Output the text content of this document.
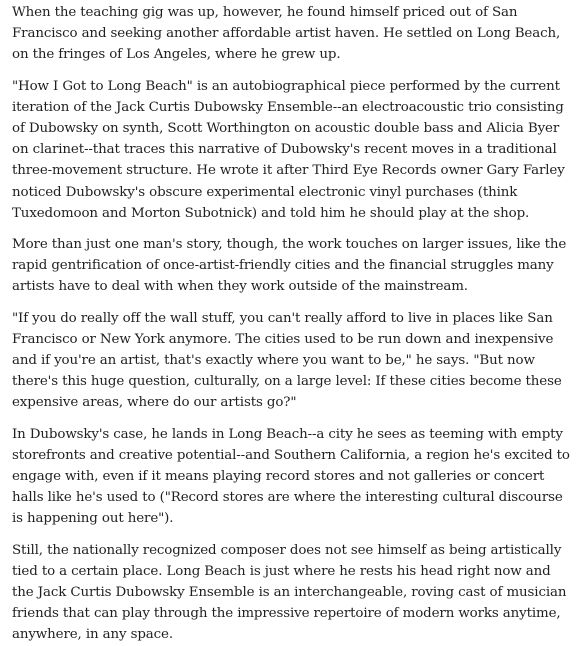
When the teaching gig was up, however, he found himself priced out of San Francisco and seeking another affordable artist haven. He settled on Long Beach, on the fringes of Los Angeles, where he grew up.

"How I Got to Long Beach" is an autobiographical piece performed by the current iteration of the Jack Curtis Dubowsky Ensemble--an electroacoustic trio consisting of Dubowsky on synth, Scott Worthington on acoustic double bass and Alicia Byer on clarinet--that traces this narrative of Dubowsky's recent moves in a traditional three-movement structure. He wrote it after Third Eye Records owner Gary Farley noticed Dubowsky's obscure experimental electronic vinyl purchases (think Tuxedomoon and Morton Subotnick) and told him he should play at the shop.

More than just one man's story, though, the work touches on larger issues, like the rapid gentrification of once-artist-friendly cities and the financial struggles many artists have to deal with when they work outside of the mainstream.

"If you do really off the wall stuff, you can't really afford to live in places like San Francisco or New York anymore. The cities used to be run down and inexpensive and if you're an artist, that's exactly where you want to be," he says. "But now there's this huge question, culturally, on a large level: If these cities become these expensive areas, where do our artists go?"

In Dubowsky's case, he lands in Long Beach--a city he sees as teeming with empty storefronts and creative potential--and Southern California, a region he's excited to engage with, even if it means playing record stores and not galleries or concert halls like he's used to ("Record stores are where the interesting cultural discourse is happening out here").

Still, the nationally recognized composer does not see himself as being artistically tied to a certain place. Long Beach is just where he rests his head right now and the Jack Curtis Dubowsky Ensemble is an interchangeable, roving cast of musician friends that can play through the impressive repertoire of modern works anytime, anywhere, in any space.
